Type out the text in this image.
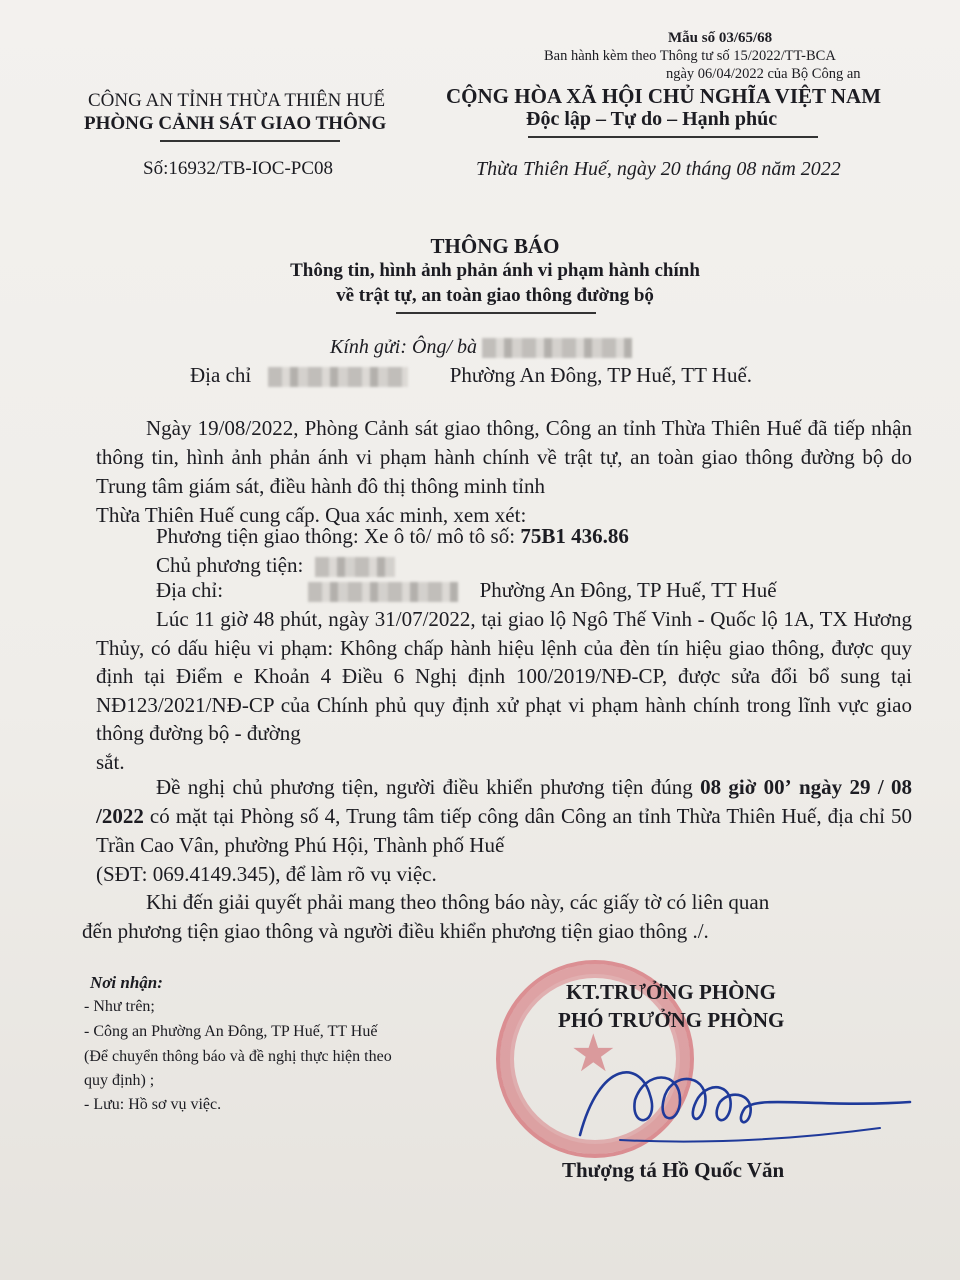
Mẫu số 03/65/68
Ban hành kèm theo Thông tư số 15/2022/TT-BCA
ngày 06/04/2022 của Bộ Công an
CÔNG AN TỈNH THỪA THIÊN HUẾ
PHÒNG CẢNH SÁT GIAO THÔNG
Số:16932/TB-IOC-PC08
CỘNG HÒA XÃ HỘI CHỦ NGHĨA VIỆT NAM
Độc lập – Tự do – Hạnh phúc
Thừa Thiên Huế, ngày 20 tháng 08 năm 2022
THÔNG BÁO
Thông tin, hình ảnh phản ánh vi phạm hành chính
về trật tự, an toàn giao thông đường bộ
Kính gửi: Ông/ bà
Địa chỉ	Phường An Đông, TP Huế, TT Huế.
Ngày 19/08/2022, Phòng Cảnh sát giao thông, Công an tỉnh Thừa Thiên Huế đã tiếp nhận thông tin, hình ảnh phản ánh vi phạm hành chính về trật tự, an toàn giao thông đường bộ do Trung tâm giám sát, điều hành đô thị thông minh tỉnh
Thừa Thiên Huế cung cấp. Qua xác minh, xem xét:
Phương tiện giao thông: Xe ô tô/ mô tô số: 75B1 436.86
Chủ phương tiện:
Địa chỉ:	Phường An Đông, TP Huế, TT Huế
Lúc 11 giờ 48 phút, ngày 31/07/2022, tại giao lộ Ngô Thế Vinh - Quốc lộ 1A, TX Hương Thủy, có dấu hiệu vi phạm: Không chấp hành hiệu lệnh của đèn tín hiệu giao thông, được quy định tại Điểm e Khoản 4 Điều 6 Nghị định 100/2019/NĐ-CP, được sửa đổi bổ sung tại NĐ123/2021/NĐ-CP của Chính phủ quy định xử phạt vi phạm hành chính trong lĩnh vực giao thông đường bộ - đường
sắt.
Đề nghị chủ phương tiện, người điều khiển phương tiện đúng 08 giờ 00’ ngày 29 / 08 /2022 có mặt tại Phòng số 4, Trung tâm tiếp công dân Công an tỉnh Thừa Thiên Huế, địa chỉ 50 Trần Cao Vân, phường Phú Hội, Thành phố Huế
(SĐT: 069.4149.345), để làm rõ vụ việc.
Khi đến giải quyết phải mang theo thông báo này, các giấy tờ có liên quan
đến phương tiện giao thông và người điều khiển phương tiện giao thông ./.
Nơi nhận:
- Như trên;
- Công an Phường An Đông, TP Huế, TT Huế
(Để chuyển thông báo và đề nghị thực hiện theo
quy định) ;
- Lưu: Hồ sơ vụ việc.
★
KT.TRƯỞNG PHÒNG
PHÓ TRƯỞNG PHÒNG
Thượng tá Hồ Quốc Văn
